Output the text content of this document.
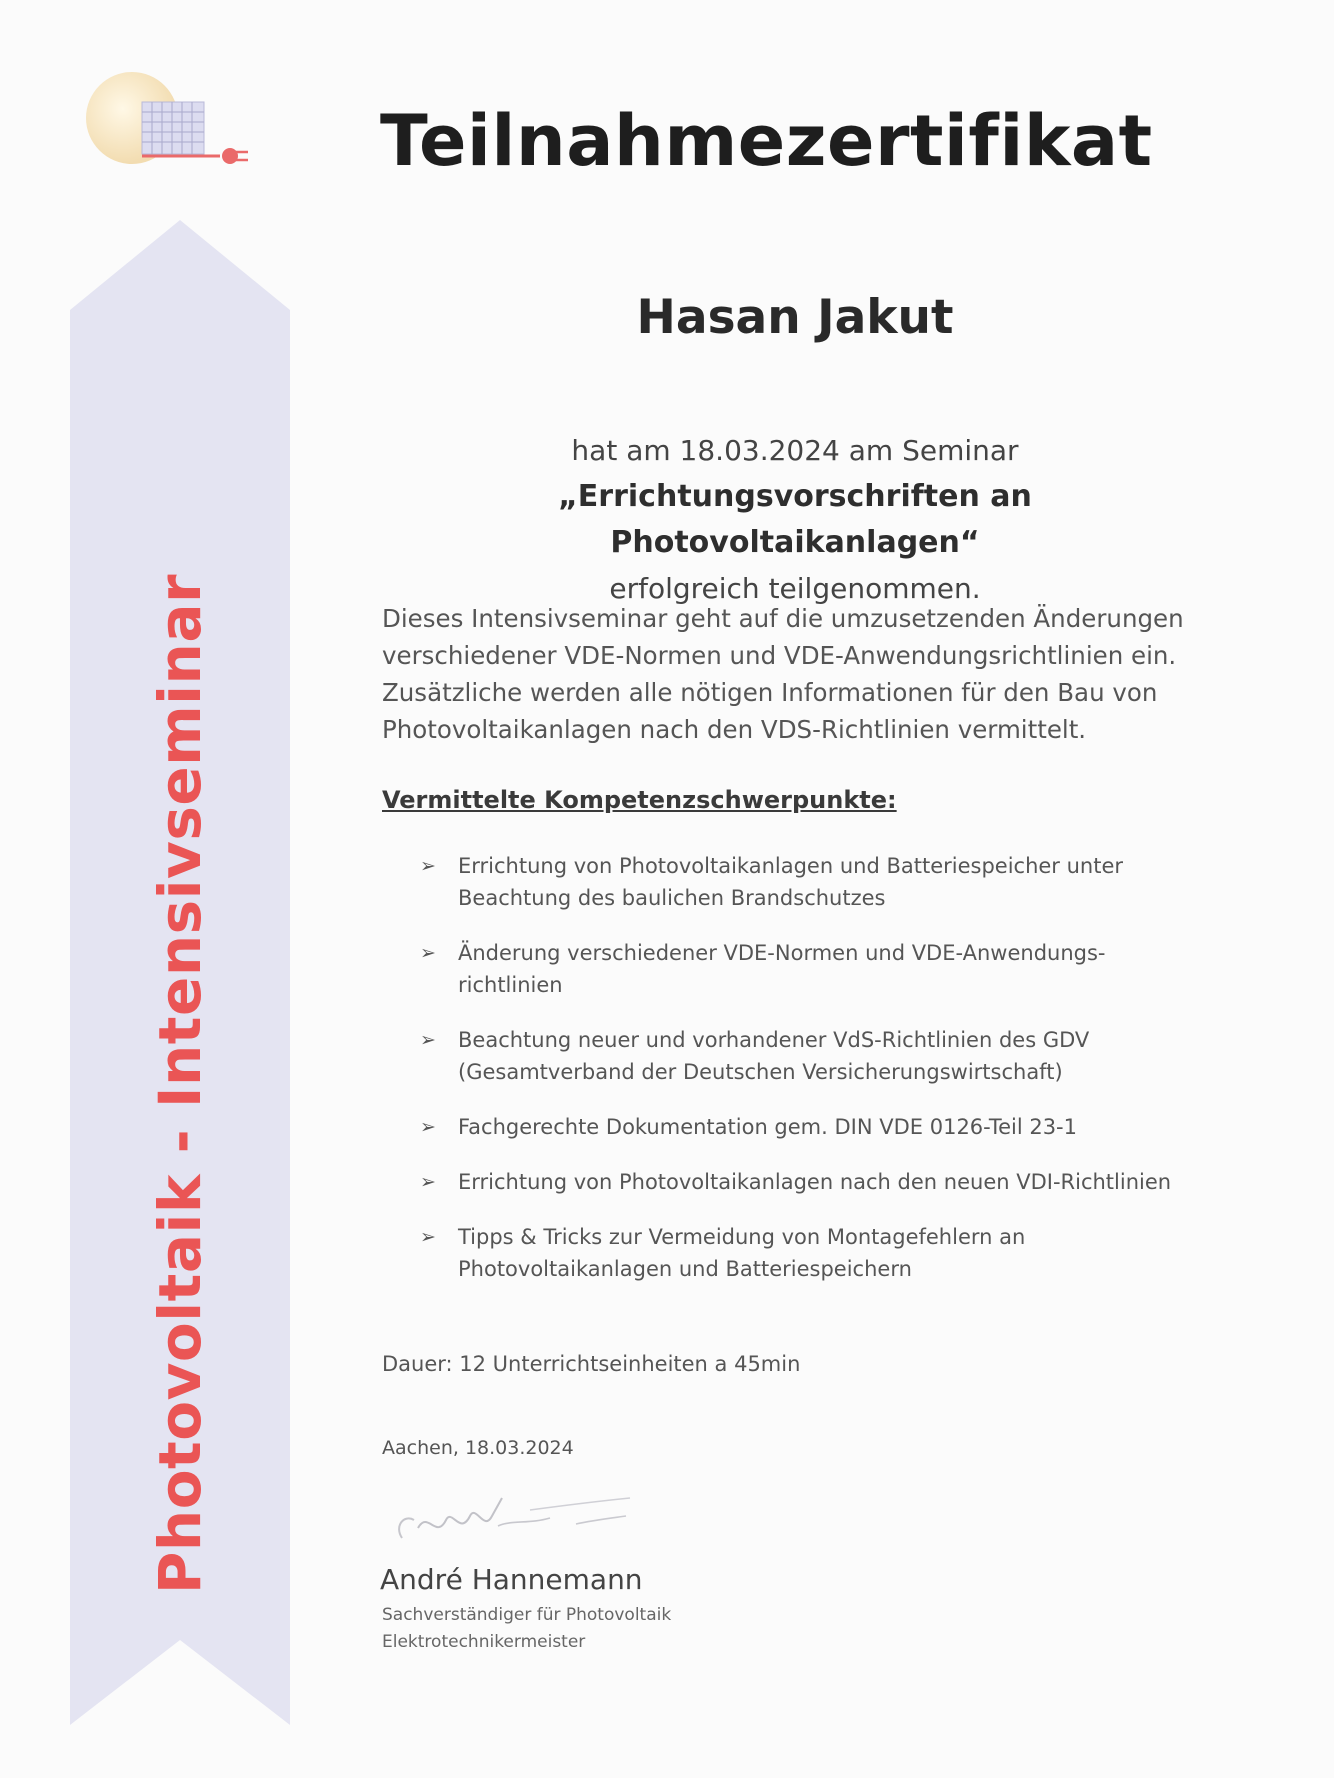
Photovoltaik - Intensivseminar
Teilnahmezertifikat
Hasan Jakut
hat am 18.03.2024 am Seminar
„Errichtungsvorschriften an Photovoltaikanlagen“
erfolgreich teilgenommen.
Dieses Intensivseminar geht auf die umzusetzenden Änderungen
verschiedener VDE-Normen und VDE-Anwendungsrichtlinien ein.
Zusätzliche werden alle nötigen Informationen für den Bau von
Photovoltaikanlagen nach den VDS-Richtlinien vermittelt.
Vermittelte Kompetenzschwerpunkte:
➢ Errichtung von Photovoltaikanlagen und Batteriespeicher unter
Beachtung des baulichen Brandschutzes
➢ Änderung verschiedener VDE-Normen und VDE-Anwendungs-
richtlinien
➢ Beachtung neuer und vorhandener VdS-Richtlinien des GDV
(Gesamtverband der Deutschen Versicherungswirtschaft)
➢ Fachgerechte Dokumentation gem. DIN VDE 0126-Teil 23-1
➢ Errichtung von Photovoltaikanlagen nach den neuen VDI-Richtlinien
➢ Tipps & Tricks zur Vermeidung von Montagefehlern an
Photovoltaikanlagen und Batteriespeichern
Dauer: 12 Unterrichtseinheiten a 45min
Aachen, 18.03.2024
André Hannemann
Sachverständiger für Photovoltaik
Elektrotechnikermeister
